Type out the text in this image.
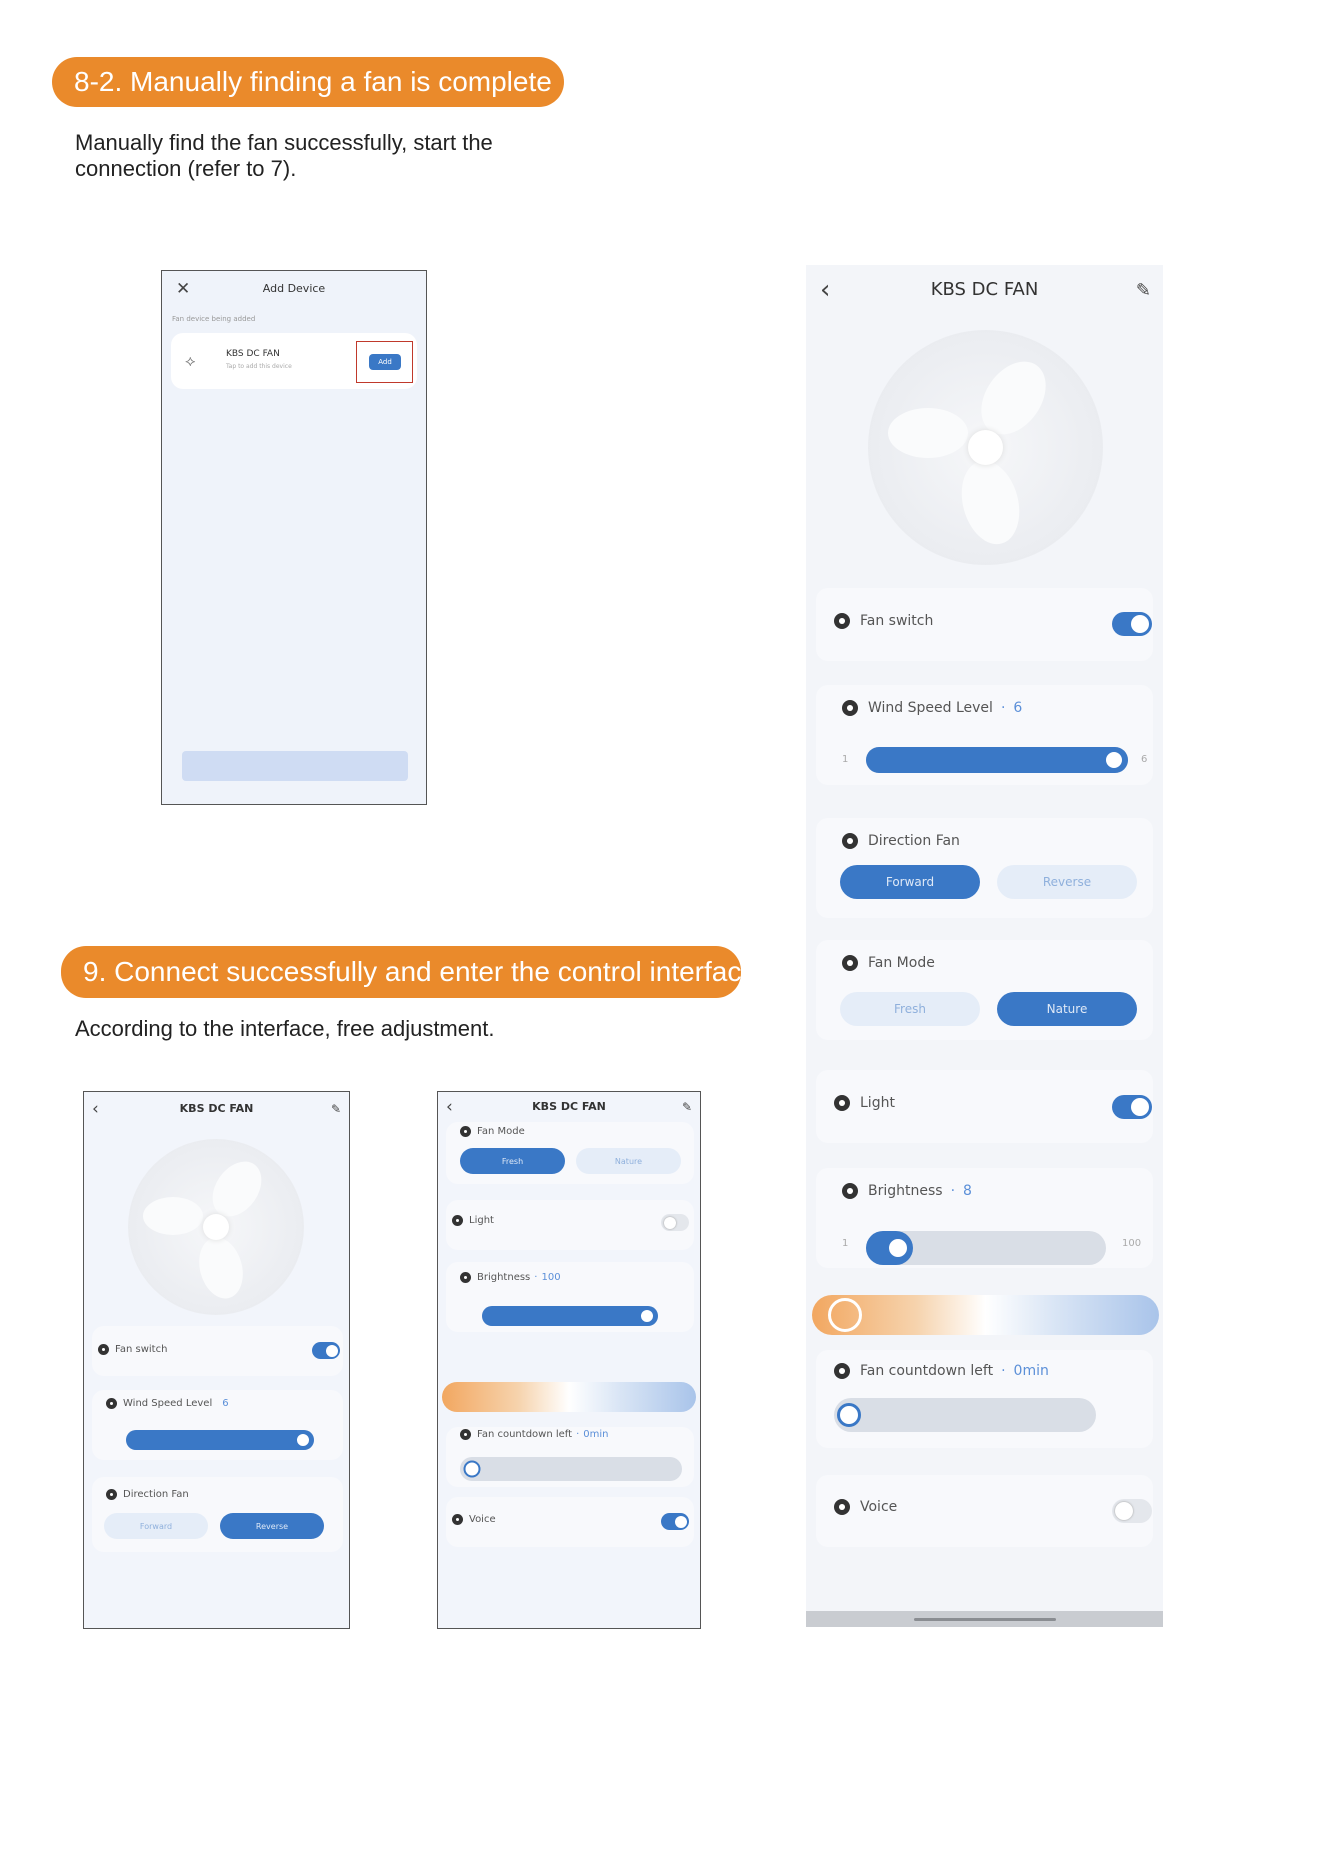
8-2. Manually finding a fan is complete
Manually find the fan successfully, start the
connection (refer to 7).
✕	Add Device
Fan device being added
⟡	KBS DC FAN
Tap to add this device
Add
‹	KBS DC FAN	✎
Fan switch
Wind Speed Level · 6
1	6
Direction Fan
Forward	Reverse
Fan Mode
Fresh	Nature
Light
Brightness · 8
1	100
Fan countdown left · 0min
Voice
9. Connect successfully and enter the control interface
According to the interface, free adjustment.
‹	KBS DC FAN	✎
Fan switch
Wind Speed Level 6
Direction Fan
Forward	Reverse
‹	KBS DC FAN	✎
Fan Mode
Fresh	Nature
Light
Brightness · 100
Fan countdown left · 0min
Voice
